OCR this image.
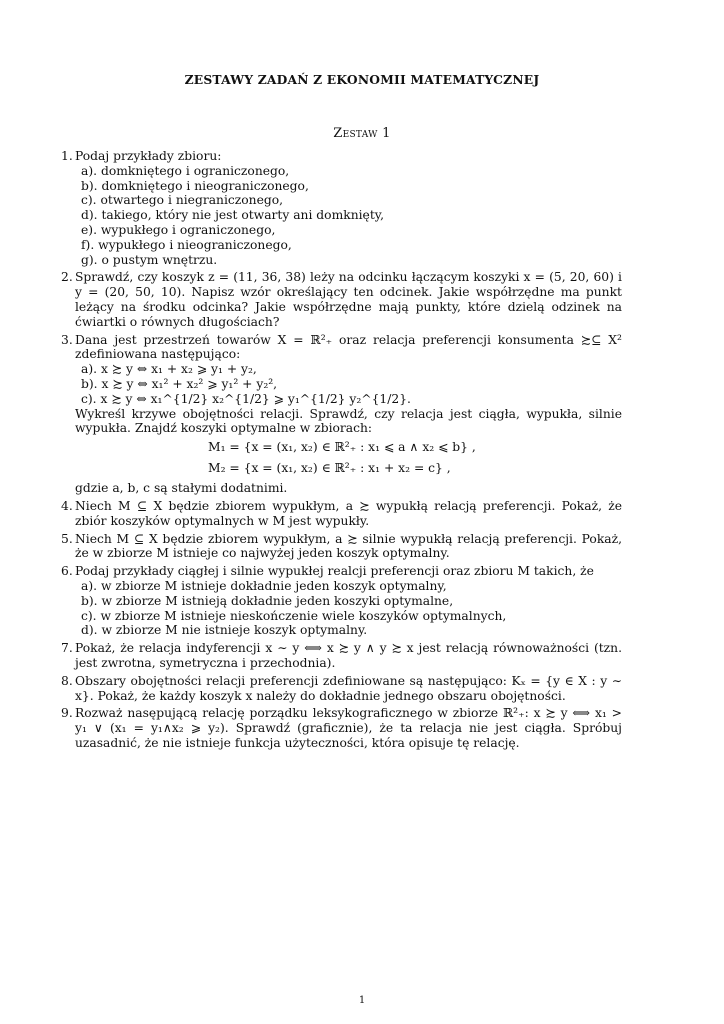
ZESTAWY ZADAŃ Z EKONOMII MATEMATYCZNEJ
Zestaw 1
1. Podaj przykłady zbioru:
a). domkniętego i ograniczonego,
b). domkniętego i nieograniczonego,
c). otwartego i niegraniczonego,
d). takiego, który nie jest otwarty ani domknięty,
e). wypukłego i ograniczonego,
f). wypukłego i nieograniczonego,
g). o pustym wnętrzu.
2. Sprawdź, czy koszyk z = (11, 36, 38) leży na odcinku łączącym koszyki x = (5, 20, 60) i y = (20, 50, 10). Napisz wzór określający ten odcinek. Jakie współrzędne ma punkt leżący na środku odcinka? Jakie współrzędne mają punkty, które dzielą odzinek na ćwiartki o równych długościach?
3. Dana jest przestrzeń towarów X = ℝ²₊ oraz relacja preferencji konsumenta ≿⊆ X² zdefiniowana następująco:
a). x ≿ y ⇔ x₁ + x₂ ⩾ y₁ + y₂,
b). x ≿ y ⇔ x₁² + x₂² ⩾ y₁² + y₂²,
c). x ≿ y ⇔ x₁^{1/2} x₂^{1/2} ⩾ y₁^{1/2} y₂^{1/2}.
Wykreśl krzywe obojętności relacji. Sprawdź, czy relacja jest ciągła, wypukła, silnie wypukła. Znajdź koszyki optymalne w zbiorach:
M₁ = {x = (x₁, x₂) ∈ ℝ²₊ : x₁ ⩽ a ∧ x₂ ⩽ b} ,
M₂ = {x = (x₁, x₂) ∈ ℝ²₊ : x₁ + x₂ = c} ,
gdzie a, b, c są stałymi dodatnimi.
4. Niech M ⊆ X będzie zbiorem wypukłym, a ≿ wypukłą relacją preferencji. Pokaż, że zbiór koszyków optymalnych w M jest wypukły.
5. Niech M ⊆ X będzie zbiorem wypukłym, a ≿ silnie wypukłą relacją preferencji. Pokaż, że w zbiorze M istnieje co najwyżej jeden koszyk optymalny.
6. Podaj przykłady ciągłej i silnie wypukłej realcji preferencji oraz zbioru M takich, że
a). w zbiorze M istnieje dokładnie jeden koszyk optymalny,
b). w zbiorze M istnieją dokładnie jeden koszyki optymalne,
c). w zbiorze M istnieje nieskończenie wiele koszyków optymalnych,
d). w zbiorze M nie istnieje koszyk optymalny.
7. Pokaż, że relacja indyferencji x ∼ y ⟺ x ≿ y ∧ y ≿ x jest relacją równoważności (tzn. jest zwrotna, symetryczna i przechodnia).
8. Obszary obojętności relacji preferencji zdefiniowane są następująco: Kₓ = {y ∈ X : y ∼ x}. Pokaż, że każdy koszyk x należy do dokładnie jednego obszaru obojętności.
9. Rozważ nasępującą relację porządku leksykograficznego w zbiorze ℝ²₊: x ≿ y ⟺ x₁ > y₁ ∨ (x₁ = y₁∧x₂ ⩾ y₂). Sprawdź (graficznie), że ta relacja nie jest ciągła. Spróbuj uzasadnić, że nie istnieje funkcja użyteczności, która opisuje tę relację.
1
